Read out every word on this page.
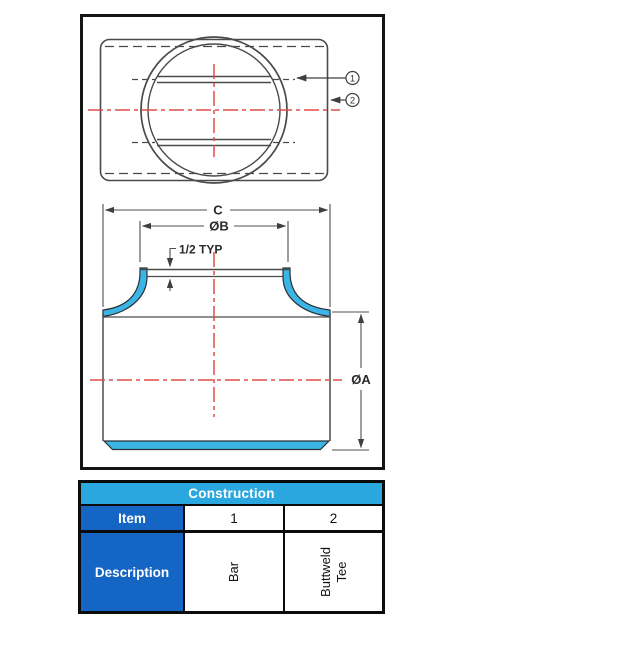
1
2
C
ØB
1/2 TYP
ØA
Construction
Item	1	2
Description	Bar	Buttweld Tee
